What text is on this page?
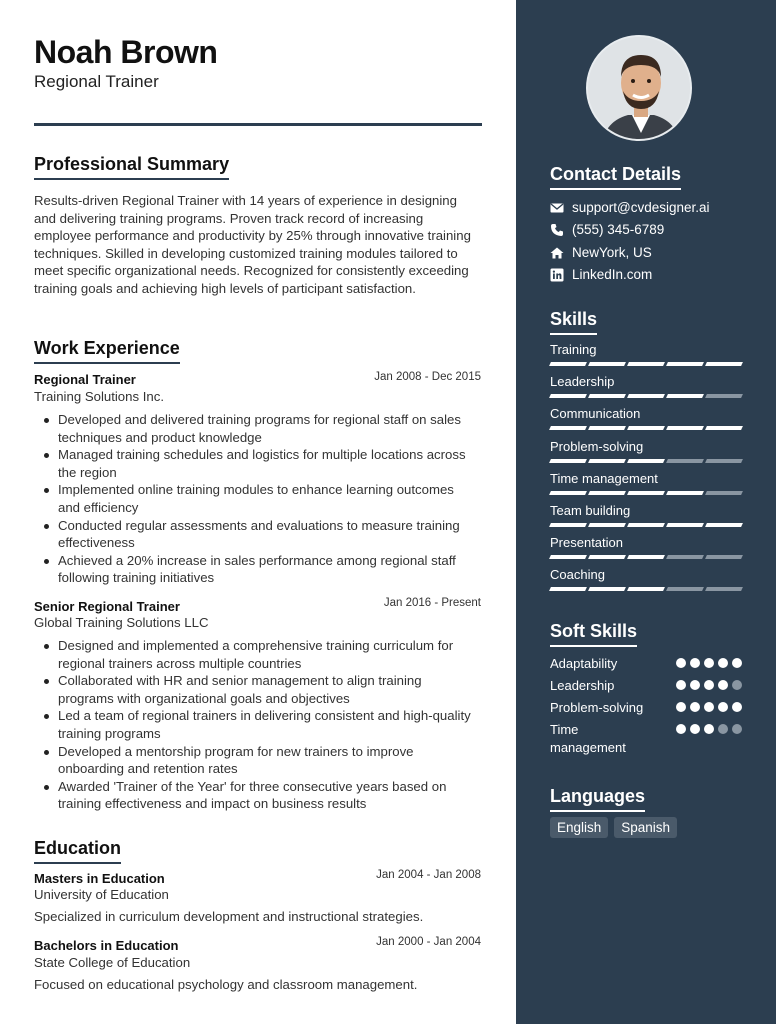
Noah Brown
Regional Trainer
Professional Summary
Results-driven Regional Trainer with 14 years of experience in designing
and delivering training programs. Proven track record of increasing
employee performance and productivity by 25% through innovative training
techniques. Skilled in developing customized training modules tailored to
meet specific organizational needs. Recognized for consistently exceeding
training goals and achieving high levels of participant satisfaction.
Work Experience
Regional Trainer	Jan 2008 - Dec 2015
Training Solutions Inc.
Developed and delivered training programs for regional staff on sales
techniques and product knowledge
Managed training schedules and logistics for multiple locations across
the region
Implemented online training modules to enhance learning outcomes
and efficiency
Conducted regular assessments and evaluations to measure training
effectiveness
Achieved a 20% increase in sales performance among regional staff
following training initiatives
Senior Regional Trainer	Jan 2016 - Present
Global Training Solutions LLC
Designed and implemented a comprehensive training curriculum for
regional trainers across multiple countries
Collaborated with HR and senior management to align training
programs with organizational goals and objectives
Led a team of regional trainers in delivering consistent and high-quality
training programs
Developed a mentorship program for new trainers to improve
onboarding and retention rates
Awarded 'Trainer of the Year' for three consecutive years based on
training effectiveness and impact on business results
Education
Masters in Education	Jan 2004 - Jan 2008
University of Education
Specialized in curriculum development and instructional strategies.
Bachelors in Education	Jan 2000 - Jan 2004
State College of Education
Focused on educational psychology and classroom management.
Contact Details
support@cvdesigner.ai
(555) 345-6789
NewYork, US
LinkedIn.com
Skills
Training
Leadership
Communication
Problem-solving
Time management
Team building
Presentation
Coaching
Soft Skills
Adaptability
Leadership
Problem-solving
Time management
Languages
English	Spanish
